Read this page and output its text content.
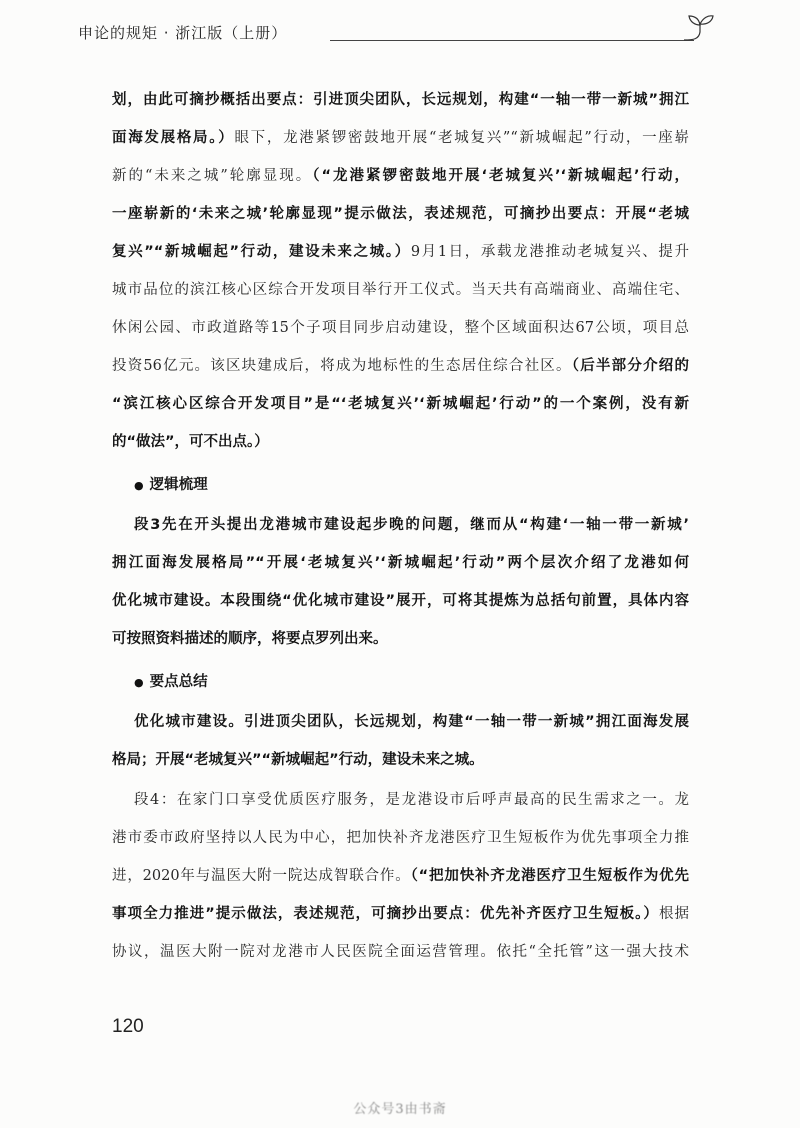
申论的规矩 · 浙江版（上册）
划，由此可摘抄概括出要点：引进顶尖团队，长远规划，构建“一轴一带一新城”拥江
面海发展格局。）眼下，龙港紧锣密鼓地开展“老城复兴”“新城崛起”行动，一座崭
新的“未来之城”轮廓显现。（“龙港紧锣密鼓地开展‘老城复兴’‘新城崛起’行动，
一座崭新的‘未来之城’轮廓显现”提示做法，表述规范，可摘抄出要点：开展“老城
复兴”“新城崛起”行动，建设未来之城。）9月1日，承载龙港推动老城复兴、提升
城市品位的滨江核心区综合开发项目举行开工仪式。当天共有高端商业、高端住宅、
休闲公园、市政道路等15个子项目同步启动建设，整个区域面积达67公顷，项目总
投资56亿元。该区块建成后，将成为地标性的生态居住综合社区。（后半部分介绍的
“滨江核心区综合开发项目”是“‘老城复兴’‘新城崛起’行动”的一个案例，没有新
的“做法”，可不出点。）
● 逻辑梳理
段3先在开头提出龙港城市建设起步晚的问题，继而从“构建‘一轴一带一新城’
拥江面海发展格局”“开展‘老城复兴’‘新城崛起’行动”两个层次介绍了龙港如何
优化城市建设。本段围绕“优化城市建设”展开，可将其提炼为总括句前置，具体内容
可按照资料描述的顺序，将要点罗列出来。
● 要点总结
优化城市建设。引进顶尖团队，长远规划，构建“一轴一带一新城”拥江面海发展
格局；开展“老城复兴”“新城崛起”行动，建设未来之城。
段4：在家门口享受优质医疗服务，是龙港设市后呼声最高的民生需求之一。龙
港市委市政府坚持以人民为中心，把加快补齐龙港医疗卫生短板作为优先事项全力推
进，2020年与温医大附一院达成智联合作。（“把加快补齐龙港医疗卫生短板作为优先
事项全力推进”提示做法，表述规范，可摘抄出要点：优先补齐医疗卫生短板。）根据
协议，温医大附一院对龙港市人民医院全面运营管理。依托“全托管”这一强大技术
120
公众号3由书斋
